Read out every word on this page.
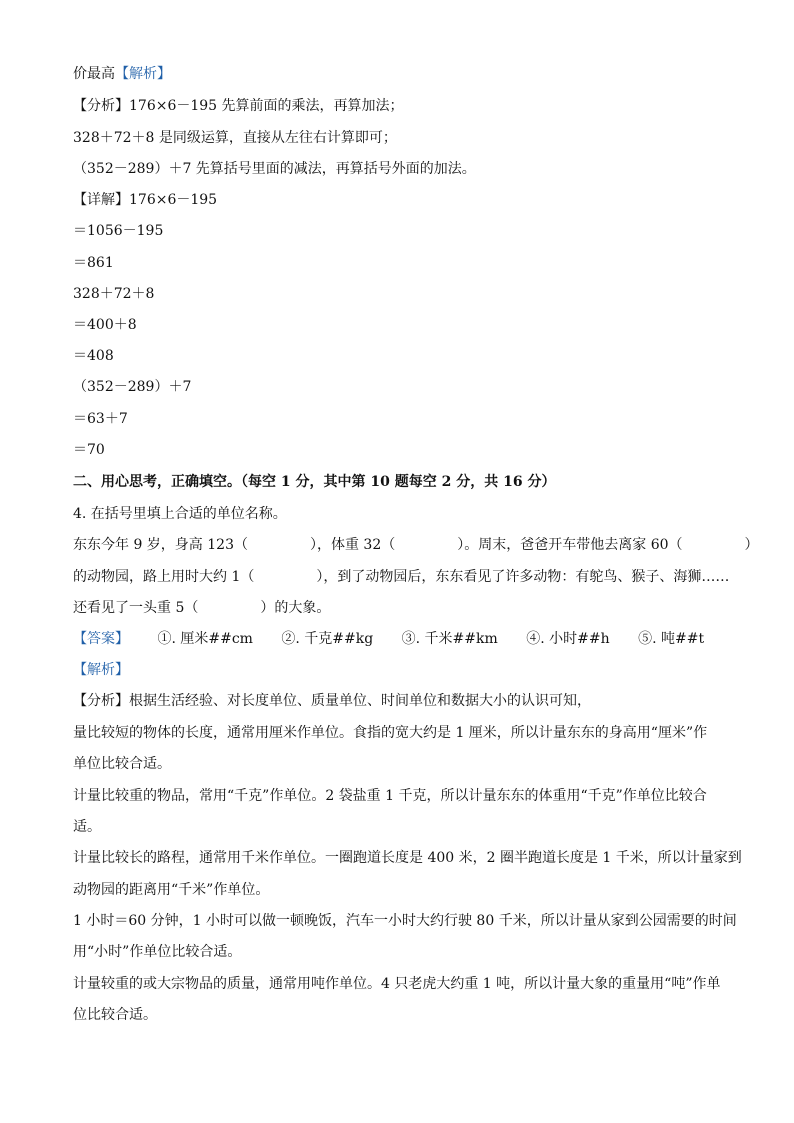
价最高【解析】
【分析】176×6－195 先算前面的乘法，再算加法；
328＋72＋8 是同级运算，直接从左往右计算即可；
（352－289）＋7 先算括号里面的减法，再算括号外面的加法。
【详解】176×6－195
＝1056－195
＝861
328＋72＋8
＝400＋8
＝408
（352－289）＋7
＝63＋7
＝70
二、用心思考，正确填空。（每空 1 分，其中第 10 题每空 2 分，共 16 分）
4. 在括号里填上合适的单位名称。
东东今年 9 岁，身高 123（	），体重 32（	）。周末，爸爸开车带他去离家 60（	）
的动物园，路上用时大约 1（	），到了动物园后，东东看见了许多动物：有鸵鸟、猴子、海狮……
还看见了一头重 5（	）的大象。
【答案】 ①. 厘米##cm ②. 千克##kg ③. 千米##km ④. 小时##h ⑤. 吨##t
【解析】
【分析】根据生活经验、对长度单位、质量单位、时间单位和数据大小的认识可知，
量比较短的物体的长度，通常用厘米作单位。食指的宽大约是 1 厘米，所以计量东东的身高用“厘米”作
单位比较合适。
计量比较重的物品，常用“千克”作单位。2 袋盐重 1 千克，所以计量东东的体重用“千克”作单位比较合
适。
计量比较长的路程，通常用千米作单位。一圈跑道长度是 400 米，2 圈半跑道长度是 1 千米，所以计量家到
动物园的距离用“千米”作单位。
1 小时＝60 分钟，1 小时可以做一顿晚饭，汽车一小时大约行驶 80 千米，所以计量从家到公园需要的时间
用“小时”作单位比较合适。
计量较重的或大宗物品的质量，通常用吨作单位。4 只老虎大约重 1 吨，所以计量大象的重量用“吨”作单
位比较合适。
